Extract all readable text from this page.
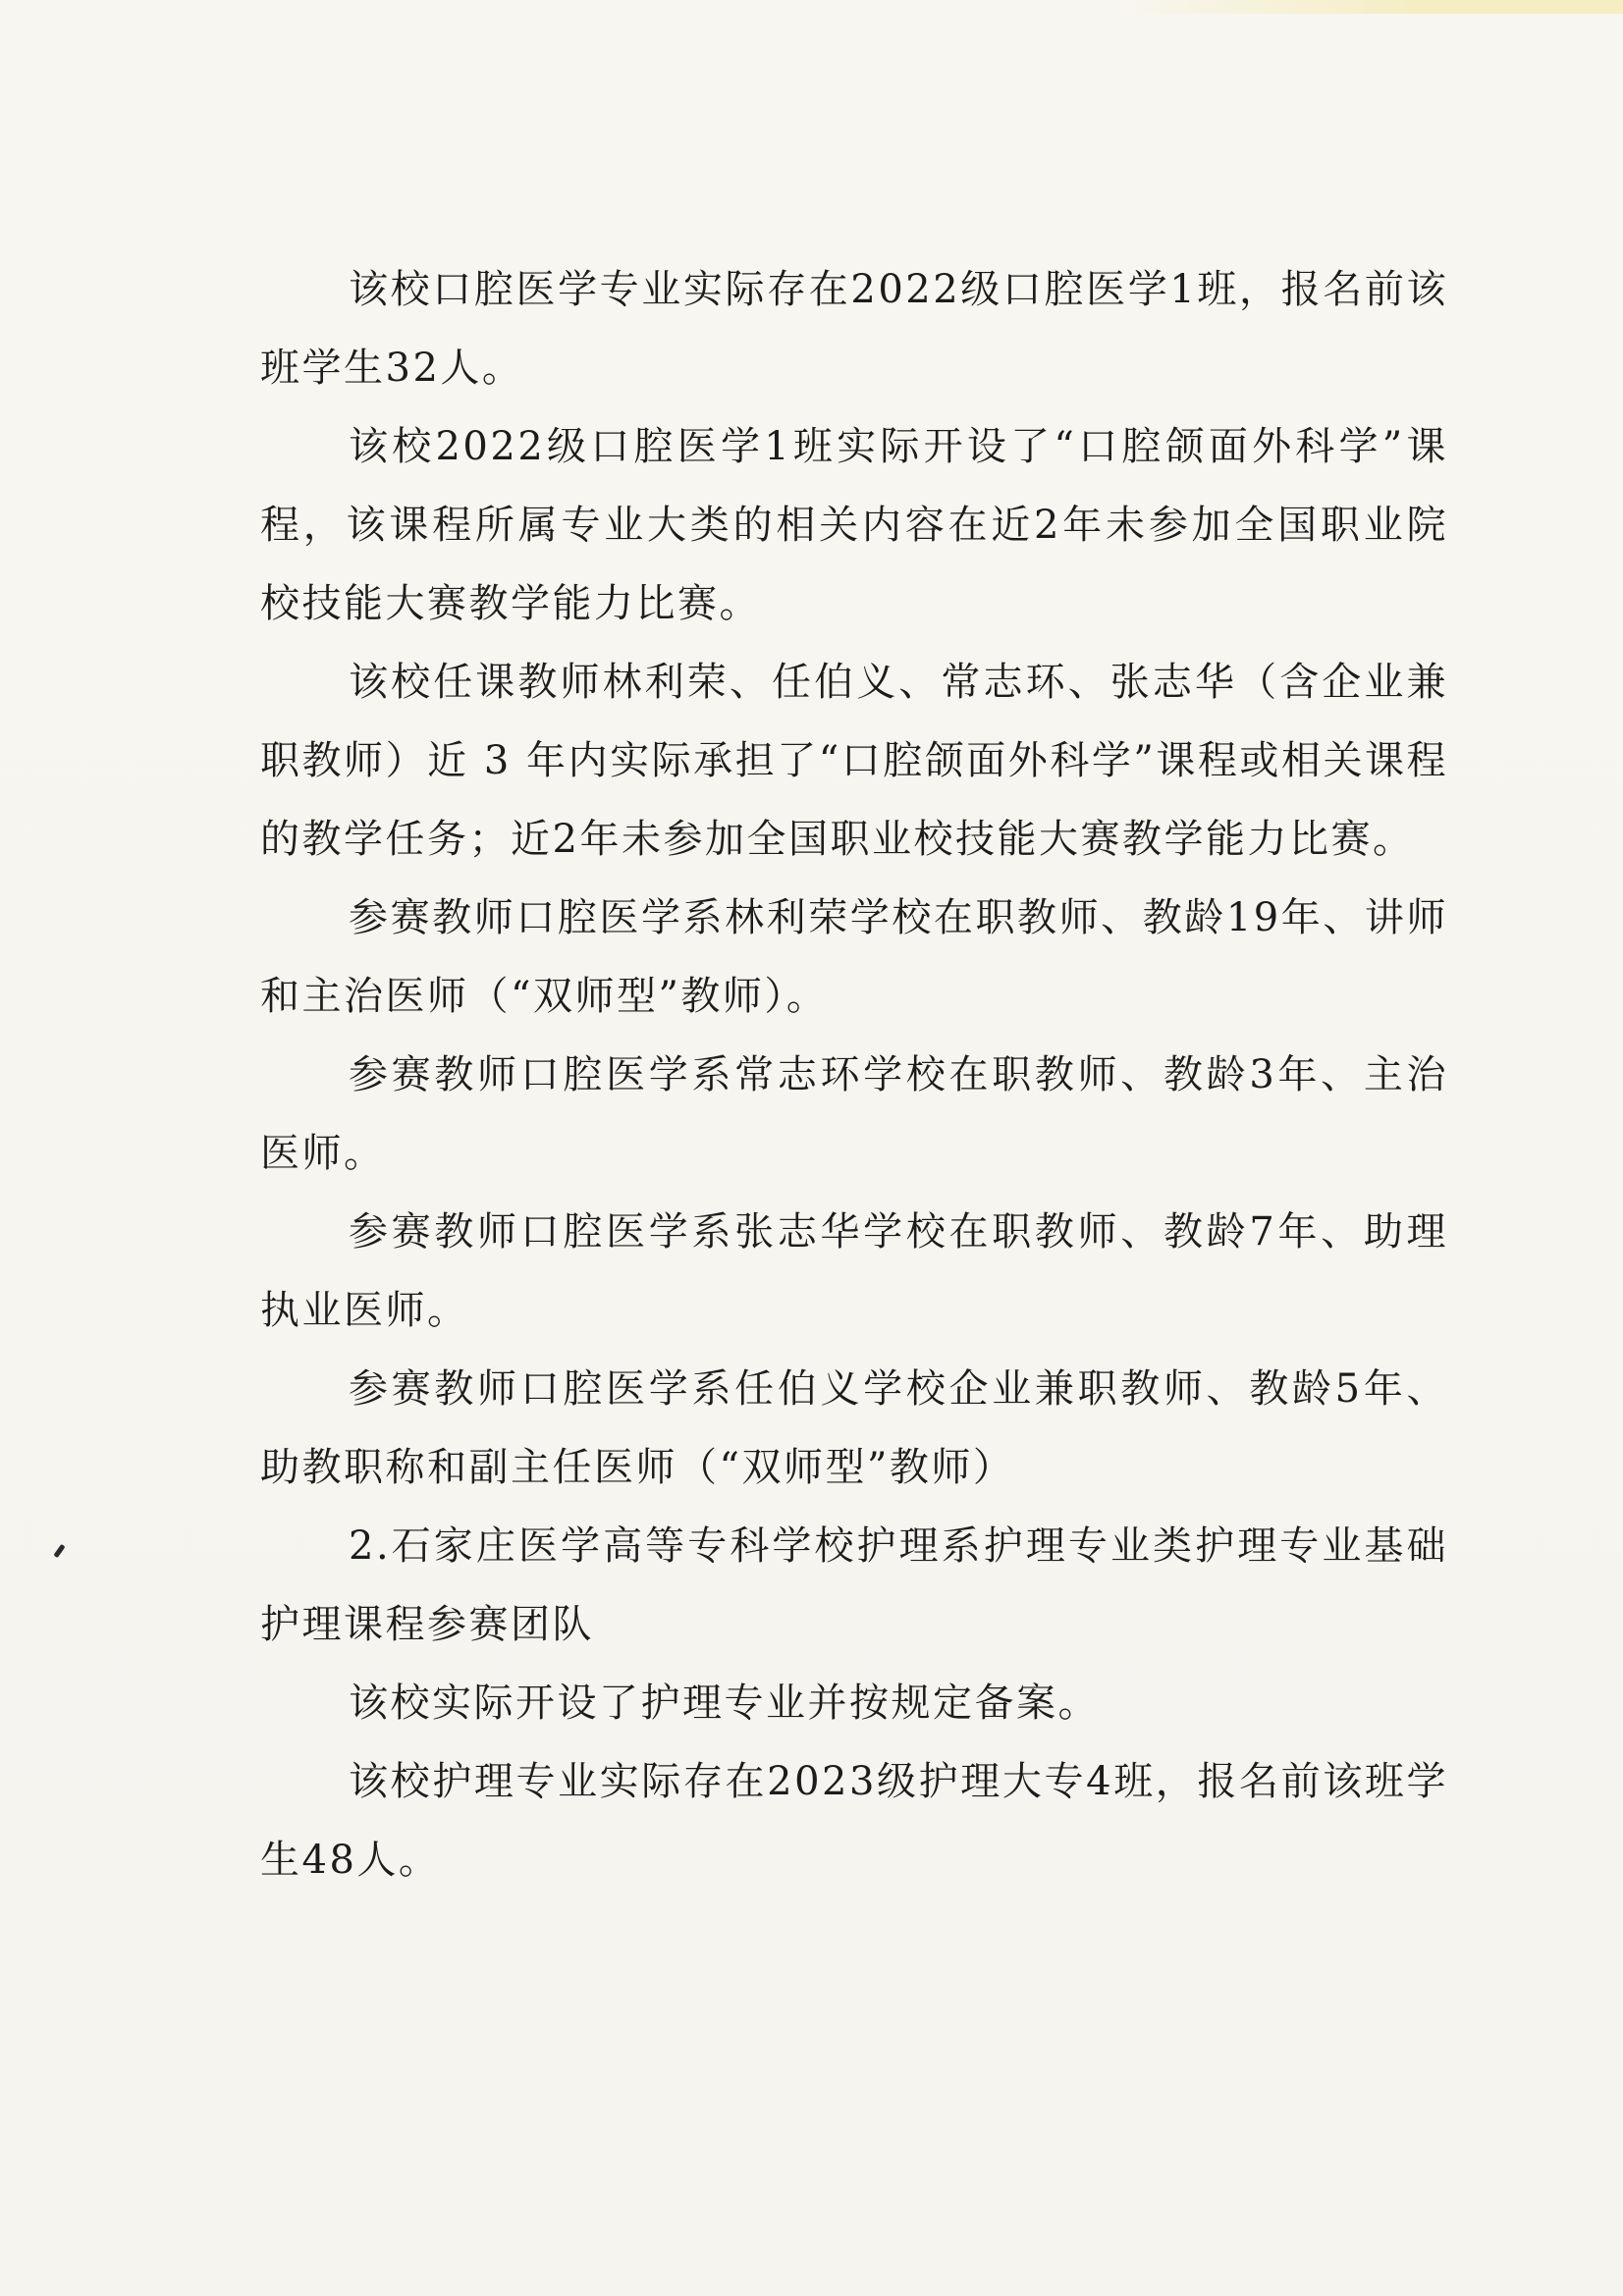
该校口腔医学专业实际存在2022级口腔医学1班，报名前该班学生32人。

该校2022级口腔医学1班实际开设了“口腔颌面外科学”课程，该课程所属专业大类的相关内容在近2年未参加全国职业院校技能大赛教学能力比赛。

该校任课教师林利荣、任伯义、常志环、张志华（含企业兼职教师）近 3 年内实际承担了“口腔颌面外科学”课程或相关课程的教学任务；近2年未参加全国职业校技能大赛教学能力比赛。

参赛教师口腔医学系林利荣学校在职教师、教龄19年、讲师和主治医师（“双师型”教师）。

参赛教师口腔医学系常志环学校在职教师、教龄3年、主治医师。

参赛教师口腔医学系张志华学校在职教师、教龄7年、助理执业医师。

参赛教师口腔医学系任伯义学校企业兼职教师、教龄5年、助教职称和副主任医师（“双师型”教师）

2.石家庄医学高等专科学校护理系护理专业类护理专业基础护理课程参赛团队

该校实际开设了护理专业并按规定备案。

该校护理专业实际存在2023级护理大专4班，报名前该班学生48人。
